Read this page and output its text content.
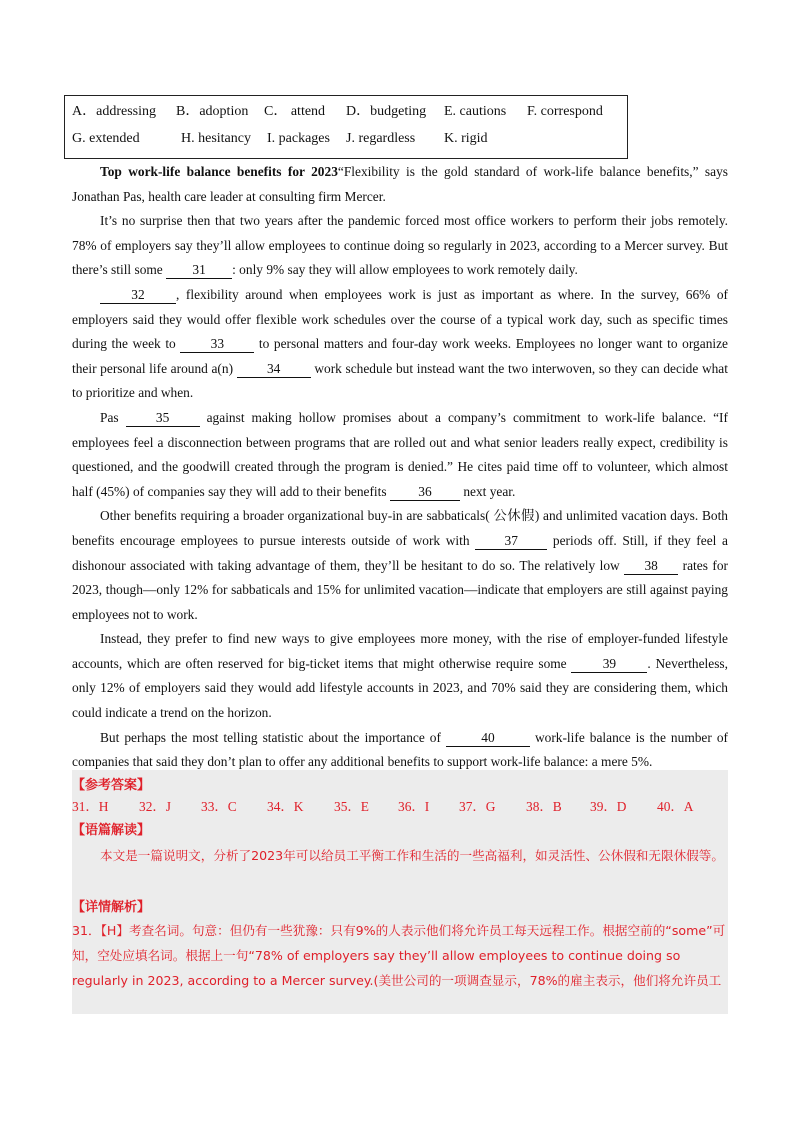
A．addressing B．adoption C． attend D．budgeting E. cautions F. correspond
G. extended	H. hesitancy I. packages J. regardless K. rigid

Top work-life balance benefits for 2023“Flexibility is the gold standard of work-life balance benefits,” says Jonathan Pas, health care leader at consulting firm Mercer.

It’s no surprise then that two years after the pandemic forced most office workers to perform their jobs remotely. 78% of employers say they’ll allow employees to continue doing so regularly in 2023, according to a Mercer survey. But there’s still some 31 : only 9% say they will allow employees to work remotely daily.

32 , flexibility around when employees work is just as important as where. In the survey, 66% of employers said they would offer flexible work schedules over the course of a typical work day, such as specific times during the week to	33	to personal matters and four-day work weeks. Employees no longer want to organize their personal life around a(n)	34	work schedule but instead want the two interwoven, so they can decide what to prioritize and when.

Pas	35	against making hollow promises about a company’s commitment to work-life balance. “If employees feel a disconnection between programs that are rolled out and what senior leaders really expect, credibility is questioned, and the goodwill created through the program is denied.” He cites paid time off to volunteer, which almost half (45%) of companies say they will add to their benefits 36 next year.

Other benefits requiring a broader organizational buy-in are sabbaticals( 公休假) and unlimited vacation days. Both benefits encourage employees to pursue interests outside of work with	37	periods off. Still, if they feel a dishonour associated with taking advantage of them, they’ll be hesitant to do so. The relatively low 38 rates for 2023, though—only 12% for sabbaticals and 15% for unlimited vacation—indicate that employers are still against paying employees not to work.

Instead, they prefer to find new ways to give employees more money, with the rise of employer-funded lifestyle accounts, which are often reserved for big-ticket items that might otherwise require some	39 . Nevertheless, only 12% of employers said they would add lifestyle accounts in 2023, and 70% said they are considering them, which could indicate a trend on the horizon.

But perhaps the most telling statistic about the importance of	40	work-life balance is the number of companies that said they don’t plan to offer any additional benefits to support work-life balance: a mere 5%.

【参考答案】
31．H 32．J 33．C 34．K 35．E 36．I 37．G 38．B 39．D 40．A
【语篇解读】
本文是一篇说明文，分析了2023年可以给员工平衡工作和生活的一些高福利，如灵活性、公休假和无限休假等。
【详情解析】
31．【H】考查名词。句意：但仍有一些犹豫：只有9%的人表示他们将允许员工每天远程工作。根据空前的“some”可知，空处应填名词。根据上一句“78% of employers say they’ll allow employees to continue doing so regularly in 2023, according to a Mercer survey.(美世公司的一项调查显示，78%的雇主表示，他们将允许员工
